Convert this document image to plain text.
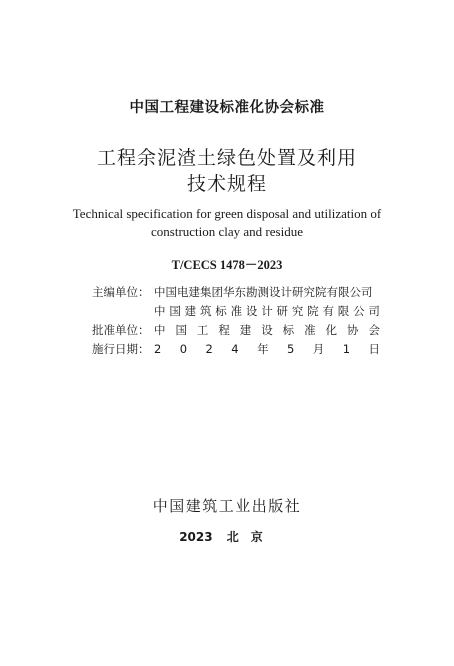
中国工程建设标准化协会标准
工程余泥渣土绿色处置及利用
技术规程
Technical specification for green disposal and utilization of
construction clay and residue
T/CECS 1478－2023
主编单位： 中国电建集团华东勘测设计研究院有限公司
中 国 建 筑 标 准 设 计 研 究 院 有 限 公 司
批准单位： 中 国 工 程 建 设 标 准 化 协 会
施行日期： 2 0 2 4 年 5 月 1 日
中国建筑工业出版社
2023 北京
